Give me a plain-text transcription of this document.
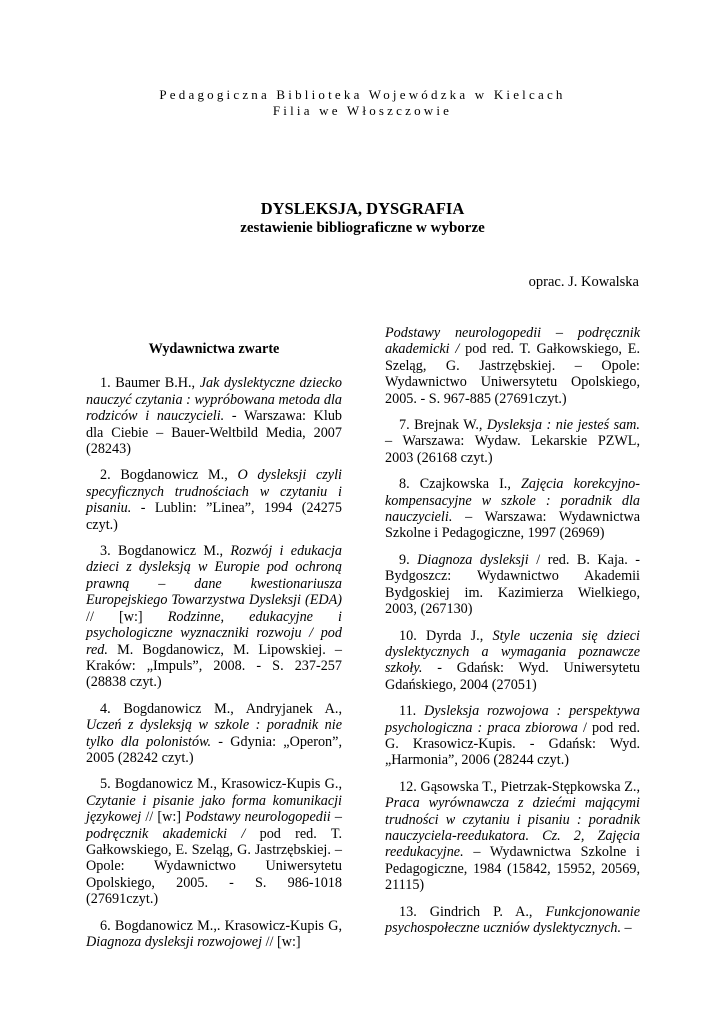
Pedagogiczna Biblioteka Wojewódzka w Kielcach
Filia we Włoszczowie
DYSLEKSJA, DYSGRAFIA
zestawienie bibliograficzne w wyborze
oprac. J. Kowalska
Wydawnictwa zwarte

1. Baumer B.H., Jak dyslektyczne dziecko nauczyć czytania : wypróbowana metoda dla rodziców i nauczycieli. - Warszawa: Klub dla Ciebie – Bauer-Weltbild Media, 2007 (28243)

2. Bogdanowicz M., O dysleksji czyli specyficznych trudnościach w czytaniu i pisaniu. - Lublin: ”Linea”, 1994 (24275 czyt.)

3. Bogdanowicz M., Rozwój i edukacja dzieci z dysleksją w Europie pod ochroną prawną – dane kwestionariusza Europejskiego Towarzystwa Dysleksji (EDA) // [w:] Rodzinne, edukacyjne i psychologiczne wyznaczniki rozwoju / pod red. M. Bogdanowicz, M. Lipowskiej. – Kraków: „Impuls”, 2008. - S. 237-257 (28838 czyt.)

4. Bogdanowicz M., Andryjanek A., Uczeń z dysleksją w szkole : poradnik nie tylko dla polonistów. - Gdynia: „Operon”, 2005 (28242 czyt.)

5. Bogdanowicz M., Krasowicz-Kupis G., Czytanie i pisanie jako forma komunikacji językowej // [w:] Podstawy neurologopedii – podręcznik akademicki / pod red. T. Gałkowskiego, E. Szeląg, G. Jastrzębskiej. – Opole: Wydawnictwo Uniwersytetu Opolskiego, 2005. - S. 986-1018 (27691czyt.)

6. Bogdanowicz M.,. Krasowicz-Kupis G, Diagnoza dysleksji rozwojowej // [w:]

Podstawy neurologopedii – podręcznik akademicki / pod red. T. Gałkowskiego, E. Szeląg, G. Jastrzębskiej. – Opole: Wydawnictwo Uniwersytetu Opolskiego, 2005. - S. 967-885 (27691czyt.)

7. Brejnak W., Dysleksja : nie jesteś sam. – Warszawa: Wydaw. Lekarskie PZWL, 2003 (26168 czyt.)

8. Czajkowska I., Zajęcia korekcyjno-kompensacyjne w szkole : poradnik dla nauczycieli. – Warszawa: Wydawnictwa Szkolne i Pedagogiczne, 1997 (26969)

9. Diagnoza dysleksji / red. B. Kaja. - Bydgoszcz: Wydawnictwo Akademii Bydgoskiej im. Kazimierza Wielkiego, 2003, (267130)

10. Dyrda J., Style uczenia się dzieci dyslektycznych a wymagania poznawcze szkoły. - Gdańsk: Wyd. Uniwersytetu Gdańskiego, 2004 (27051)

11. Dysleksja rozwojowa : perspektywa psychologiczna : praca zbiorowa / pod red. G. Krasowicz-Kupis. - Gdańsk: Wyd. „Harmonia”, 2006 (28244 czyt.)

12. Gąsowska T., Pietrzak-Stępkowska Z., Praca wyrównawcza z dziećmi mającymi trudności w czytaniu i pisaniu : poradnik nauczyciela-reedukatora. Cz. 2, Zajęcia reedukacyjne. – Wydawnictwa Szkolne i Pedagogiczne, 1984 (15842, 15952, 20569, 21115)

13. Gindrich P. A., Funkcjonowanie psychospołeczne uczniów dyslektycznych. –
